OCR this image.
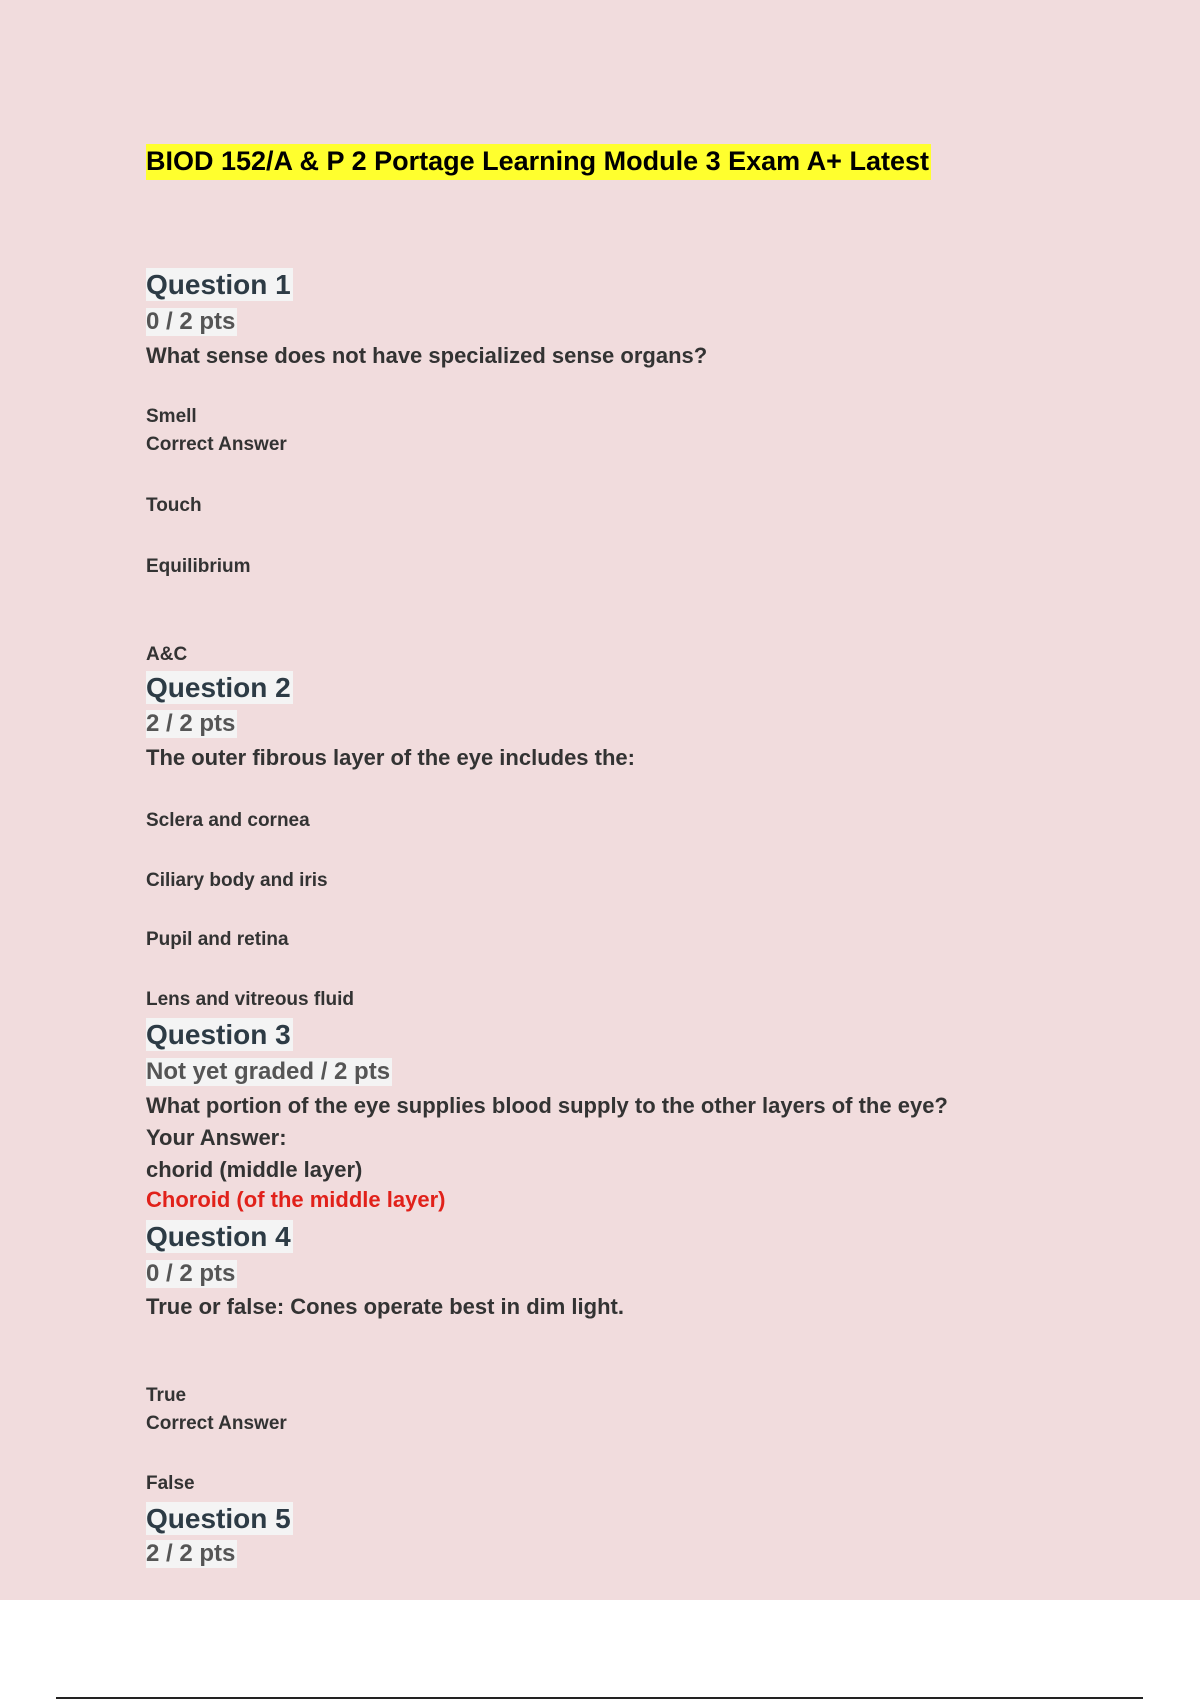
BIOD 152/A & P 2 Portage Learning Module 3 Exam A+ Latest
Question 1
0 / 2 pts
What sense does not have specialized sense organs?
Smell
Correct Answer
Touch
Equilibrium
A&C
Question 2
2 / 2 pts
The outer fibrous layer of the eye includes the:
Sclera and cornea
Ciliary body and iris
Pupil and retina
Lens and vitreous fluid
Question 3
Not yet graded / 2 pts
What portion of the eye supplies blood supply to the other layers of the eye?
Your Answer:
chorid (middle layer)
Choroid (of the middle layer)
Question 4
0 / 2 pts
True or false: Cones operate best in dim light.
True
Correct Answer
False
Question 5
2 / 2 pts
